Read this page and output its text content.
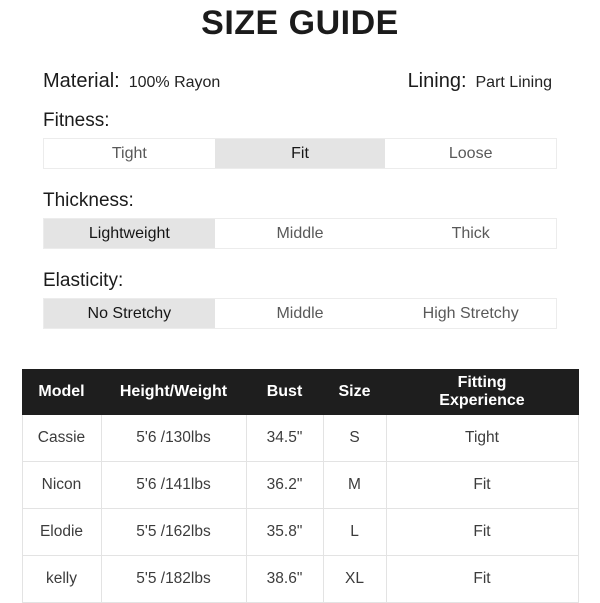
SIZE GUIDE
Material: 100% Rayon	Lining: Part Lining
Fitness:
Tight	Fit	Loose
Thickness:
Lightweight	Middle	Thick
Elasticity:
No Stretchy	Middle	High Stretchy
Model	Height/Weight	Bust	Size	Fitting Experience
Cassie	5'6 /130lbs	34.5"	S	Tight
Nicon	5'6 /141lbs	36.2"	M	Fit
Elodie	5'5 /162lbs	35.8"	L	Fit
kelly	5'5 /182lbs	38.6"	XL	Fit
